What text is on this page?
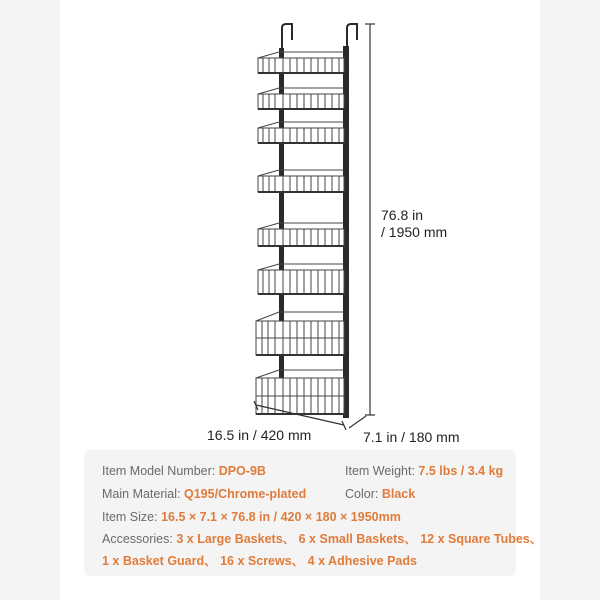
76.8 in
/ 1950 mm
16.5 in / 420 mm	7.1 in / 180 mm
Item Model Number: DPO-9B	Item Weight: 7.5 lbs / 3.4 kg
Main Material: Q195/Chrome-plated	Color: Black
Item Size: 16.5 × 7.1 × 76.8 in / 420 × 180 × 1950mm
Accessories: 3 x Large Baskets、 6 x Small Baskets、 12 x Square Tubes、
1 x Basket Guard、 16 x Screws、 4 x Adhesive Pads
